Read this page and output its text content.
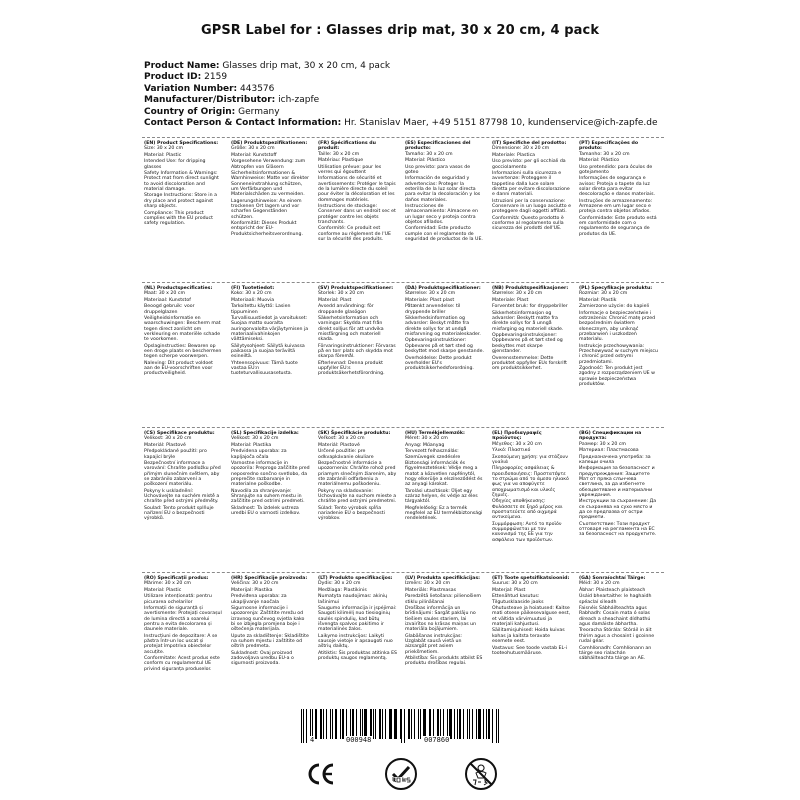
GPSR Label for : Glasses drip mat, 30 x 20 cm, 4 pack
Product Name: Glasses drip mat, 30 x 20 cm, 4 pack
Product ID: 2159
Variation Number: 443576
Manufacturer/Distributor: ich-zapfe
Country of Origin: Germany
Contact Person & Contact Information: Hr. Stanislav Maer, +49 5151 87798 10, kundenservice@ich-zapfe.de
(EN) Product Specifications:

Size: 30 x 20 cm

Material: Plastic

Intended Use: for dripping glasses

Safety Information & Warnings: Protect mat from direct sunlight to avoid discoloration and material damage.

Storage Instructions: Store in a dry place and protect against sharp objects.

Compliance: This product complies with the EU product safety regulation.

(DE) Produktspezifikationen:

Größe: 30 x 20 cm

Material: Kunststoff

Vorgesehene Verwendung: zum Abtropfen von Gläsern

Sicherheitsinformationen & Warnhinweise: Matte vor direkter Sonneneinstrahlung schützen, um Verfärbungen und Materialschäden zu vermeiden.

Lagerungshinweise: An einem trockenen Ort lagern und vor scharfen Gegenständen schützen.

Konformität: Dieses Produkt entspricht der EU-Produktsicherheitsverordnung.

(FR) Spécifications du produit:

Taille: 30 x 20 cm

Matériau: Plastique

Utilisation prévue: pour les verres qui égouttent

Informations de sécurité et avertissements: Protéger le tapis de la lumière directe du soleil pour éviter la décoloration et les dommages matériels.

Instructions de stockage: Conserver dans un endroit sec et protéger contre les objets tranchants.

Conformité: Ce produit est conforme au règlement de l'UE sur la sécurité des produits.

(ES) Especificaciones del producto:

Tamaño: 30 x 20 cm

Material: Plástico

Uso previsto: para vasos de goteo

Información de seguridad y advertencias: Proteger la esterilla de la luz solar directa para evitar la decoloración y los daños materiales.

Instrucciones de almacenamiento: Almacene en un lugar seco y proteja contra objetos afilados.

Conformidad: Este producto cumple con el reglamento de seguridad de productos de la UE.

(IT) Specifiche del prodotto:

Dimensione: 30 x 20 cm

Materiale: Plastica

Uso previsto: per gli occhiali da gocciolamento

Informazioni sulla sicurezza e avvertenze: Proteggere il tappetino dalla luce solare diretta per evitare discolorazione e danni materiali.

Istruzioni per la conservazione: Conservare in un luogo asciutto e proteggere dagli oggetti affilati.

Conformità: Questo prodotto è conforme al regolamento sulla sicurezza dei prodotti dell'UE.

(PT) Especificações do produto:

Tamanho: 30 x 20 cm

Material: Plástico

Uso pretendido: para óculos de gotejamento

Informações de segurança e avisos: Proteja o tapete da luz solar direta para evitar descoloração e danos materiais.

Instruções de armazenamento: Armazene em um lugar seco e proteja contra objetos afiados.

Conformidade: Este produto está em conformidade com o regulamento de segurança de produtos da UE.

(NL) Productspecificaties:

Maat: 30 x 20 cm

Materiaal: Kunststof

Beoogd gebruik: voor druppelglazen

Veiligheidsinformatie en waarschuwingen: Bescherm mat tegen direct zonlicht om verkleuring en materiële schade te voorkomen.

Opslaginstructies: Bewaren op een droge plaats en beschermen tegen scherpe voorwerpen.

Naleving: Dit product voldoet aan de EU-voorschriften voor productveiligheid.

(FI) Tuotetiedot:

Koko: 30 x 20 cm

Materiaali: Muovia

Tarkoitettu käyttö: Lasien tippuminen

Turvallisuustiedot ja varoitukset: Suojaa matto suoralta auringonvalolta värjäytymisen ja materiaalivahinkojen välttämiseksi.

Säilytysohjeet: Säilytä kuivassa paikassa ja suojaa teräviltä esineiltä.

Yhteensopivuus: Tämä tuote vastaa EU:n tuoteturvallisuusasetusta.

(SV) Produktspecifikationer:

Storlek: 30 x 20 cm

Material: Plast

Avsedd användning: för droppande glasögon

Säkerhetsinformation och varningar: Skydda mat från direkt solljus för att undvika missfärgning och materiell skada.

Förvaringsinstruktioner: Förvaras på en torr plats och skydda mot skarpa föremål.

Efterlevnad: Denna produkt uppfyller EU:s produktsäkerhetsförordning.

(DA) Produktspecifikationer:

Størrelse: 30 x 20 cm

Materiale: Plast plast

Påtænkt anvendelse: til dryppende briller

Sikkerhedsinformation og advarsler: Beskyt måtte fra direkte sollys for at undgå misfarvning og materialeskader.

Opbevaringsinstruktioner: Opbevares på et tørt sted og beskyttet mod skarpe genstande.

Overholdelse: Dette produkt overholder EU's produktsikkerhedsforordning.

(NB) Produktspesifikasjoner:

Størrelse: 30 x 20 cm

Materiale: Plast

Forventet bruk: for dryppebriller

Sikkerhetsinformasjon og advarsler: Beskytt matte fra direkte sollys for å unngå misfarging og materiell skade.

Oppbevaringsinstruksjoner: Oppbevares på et tørt sted og beskyttes mot skarpe gjenstander.

Overensstemmelse: Dette produktet oppfyller EUs forskrift om produktsikkerhet.

(PL) Specyfikacje produktu:

Rozmiar: 30 x 20 cm

Materiał: Plastik

Zamierzone użycie: do kapieli

Informacje o bezpieczeństwie i ostrzeżenia: Chronić matę przed bezpośrednim światłem słonecznym, aby uniknąć przebarwień i uszkodzeń materiału.

Instrukcje przechowywania: Przechowywać w suchym miejscu i chronić przed ostrymi przedmiotami.

Zgodność: Ten produkt jest zgodny z rozporządzeniem UE w sprawie bezpieczeństwa produktów.

(CS) Specifikace produktu:

Velikost: 30 x 20 cm

Materiál: Plastové

Předpokládané použití: pro kapající brýle

Bezpečnostní informace a varování: Chraňte podložku před přímým slunečním světlem, aby se zabránilo zabarvení a poškození materiálu.

Pokyny k uskladnění: Uchovávejte na suchém místě a chraňte před ostrými předměty.

Soulad: Tento produkt splňuje nařízení EU o bezpečnosti výrobků.

(SL) Specifikacije izdelka:

Velikost: 30 x 20 cm

Material: Plastika

Predvidena uporaba: za kapljajoča očala

Varnostne informacije in opozorila: Preprogo zaščitite pred neposredno sončno svetlobo, da preprečite razbarvanje in materialne poškodbe.

Navodila za shranjevanje: Shranjujte na suhem mestu in zaščitite pred ostrimi predmeti.

Skladnost: Ta izdelek ustreza uredbi EU o varnosti izdelkov.

(SK) Špecifikácie produktu:

Veľkosť: 30 x 20 cm

Materiál: Plastové

Určené použitie: pre odkvapkávanie okuliare

Bezpečnostné informácie a upozornenia: Chráňte rohož pred priamym slnečným žiarením, aby ste zabránili odfarbeniu a materiálnemu poškodeniu.

Pokyny na skladovanie: Uchovávajte na suchom mieste a chráňte pred ostrými predmetmi.

Súlad: Tento výrobok spĺňa nariadenie EÚ o bezpečnosti výrobkov.

(HU) Termékjellemzők:

Méret: 30 x 20 cm

Anyag: Műanyag

Tervezett felhasználás: Szemüvegek szedésére

Biztonsági információk és figyelmeztetések: Védje meg a matot a közvetlen napfénytől, hogy elkerülje a elszíneződést és az anyagi károkat.

Tárolási utasítások: Üljet egy száraz helyen, és védje az éles tárgyaktól.

Megfelelőség: Ez a termék megfelel az EU termékbiztonsági rendeletének.

(EL) Προδιαγραφές προϊόντος:

Μέγεθος: 30 x 20 cm

Υλικό: Πλαστικό

Σκοπούμενη χρήση: για στάζουν γυαλιά

Πληροφορίες ασφάλειας & προειδοποιήσεις: Προστατέψτε το στρώμα από το άμεσο ηλιακό φως για να αποφύγετε αποχρωματισμό και υλικές ζημιές.

Οδηγίες αποθήκευσης: Φυλάσσετε σε ξηρό μέρος και προστατεύετε από αιχμηρά αντικείμενα.

Συμμόρφωση: Αυτό το προϊόν συμμορφώνεται με τον κανονισμό της ΕΕ για την ασφάλεια των προϊόντων.

(BG) Спецификации на продукта:

Размер: 30 x 20 cm

Материал: Пластмасова

Предназначена употреба: за капещи очила

Информация за безопасност и предупреждения: Защитете Мат от пряка слънчева светлина, за да избегнете обезцветяване и материални увреждания.

Инструкции за съхранение: Да се съхранява на сухо място и да се предпазва от остри предмети.

Съответствие: Този продукт отговаря на регламента на ЕС за безопасност на продуктите.

(RO) Specificații produs:

Mărime: 30 x 20 cm

Material: Plastic

Utilizare intenționată: pentru picurarea ochelarilor

Informații de siguranță și avertismente: Protejați covorașul de lumina directă a soarelui pentru a evita decolorarea și daunele materiale.

Instrucțiuni de depozitare: A se păstra într-un loc uscat și protejat împotriva obiectelor ascuțite.

Conformitate: Acest produs este conform cu regulamentul UE privind siguranța produselor.

(HR) Specifikacije proizvoda:

Veličina: 30 x 20 cm

Materijal: Plastika

Predviđena uporaba: za ukapljivanje naočala

Sigurnosne informacije i upozorenja: Zaštitite mrežu od izravnog sunčevog svjetla kako bi se izbjegla promjena boje i oštećenja materijala.

Upute za skladištenje: Skladištite na suhom mjestu i zaštitite od oštrih predmeta.

Sukladnost: Ovaj proizvod zadovoljava uredbu EU-a o sigurnosti proizvoda.

(LT) Produkto specifikacijos:

Dydis: 30 x 20 cm

Medžiaga: Plastikinis

Numatyta naudojimas: akinių lašinimui

Saugumo informacija ir įspėjimai: Saugoti kilimėlį nuo tiesioginių saulės spindulių, kad būtų išvengta spalvos pakitimo ir materialinės žalos.

Laikymo instrukcijos: Laikyti sausoje vietoje ir apsaugoti nuo aštrių daiktų.

Atitiktis: Šis produktas atitinka ES produktų saugos reglamentą.

(LV) Produkta specifikācijas:

Izmērs: 30 x 20 cm

Materiāls: Plastmasas

Paredzētā lietošana: pilienošiem stiklu pilināšanai

Drošības informācija un brīdinājumi: Sargāt paklāju no tiešiem saules stariem, lai izvairītos no krāsas maiņas un materiāla bojājumiem.

Glabāšanas instrukcijas: Uzglabāt sausā vietā un aizsargāt pret asiem priekšmetiem.

Atbilstība: Šis produkts atbilst ES produktu drošības regulai.

(ET) Toote spetsifikatsioonid:

Suurus: 30 x 20 cm

Materjal: Plast

Ettenähtud kasutus: Tilgutusklaaside jaoks

Ohutusteave ja hoiatused: Kaitse mati otsese päikesevalguse eest, et vältida värvimuutusi ja materjali kahjustusi.

Säilitamisjuhised: Hoida kuivas kohas ja kaitsta teravate esemete eest.

Vastavus: See toode vastab EL-i tooteohutusmääruse.

(GA) Sonraíochtaí Táirge:

Méid: 30 x 20 cm

Ábhar: Plaisteach plaisteach

Úsáid bheartaithe: le haghaidh spéaclaí sileadh

Faisnéis Sábháilteachta agus Rabhadh: Cosain mata ó solas díreach a sheachaint dídhathú agus damáiste ábhartha.

Treoracha Stórála: Stóráil in áit thirim agus a chosaint i gcoinne rudaí géar.

Comhlíonadh: Comhlíonann an táirge seo rialachán sábháilteachta táirge an AE.

4	000948	007860
